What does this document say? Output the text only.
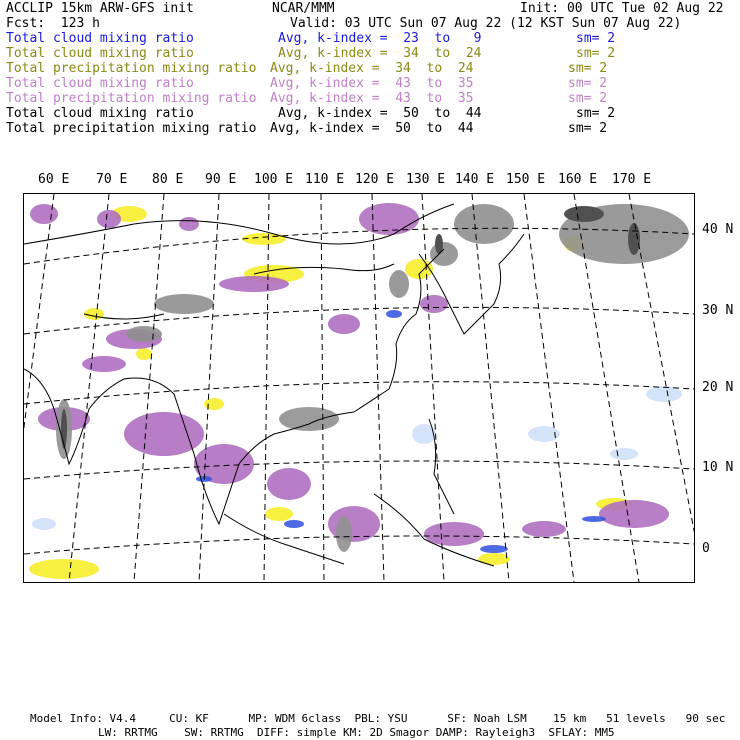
ACCLIP 15km ARW-GFS init	NCAR/MMM	Init: 00 UTC Tue 02 Aug 22
Fcst:  123 h	Valid: 03 UTC Sun 07 Aug 22 (12 KST Sun 07 Aug 22)
Total cloud mixing ratio	Avg, k-index =  23  to   9	sm= 2
Total cloud mixing ratio	Avg, k-index =  34  to  24	sm= 2
Total precipitation mixing ratio Avg, k-index =  34  to  24	sm= 2
Total cloud mixing ratio	Avg, k-index =  43  to  35	sm= 2
Total precipitation mixing ratio Avg, k-index =  43  to  35	sm= 2
Total cloud mixing ratio	Avg, k-index =  50  to  44	sm= 2
Total precipitation mixing ratio Avg, k-index =  50  to  44	sm= 2
60 E 70 E 80 E 90 E 100 E 110 E 120 E 130 E 140 E 150 E 160 E 170 E
40 N
30 N
20 N
10 N
0
Model Info: V4.4     CU: KF      MP: WDM 6class  PBL: YSU      SF: Noah LSM    15 km   51 levels   90 sec
LW: RRTMG    SW: RRTMG  DIFF: simple KM: 2D Smagor DAMP: Rayleigh3  SFLAY: MM5
